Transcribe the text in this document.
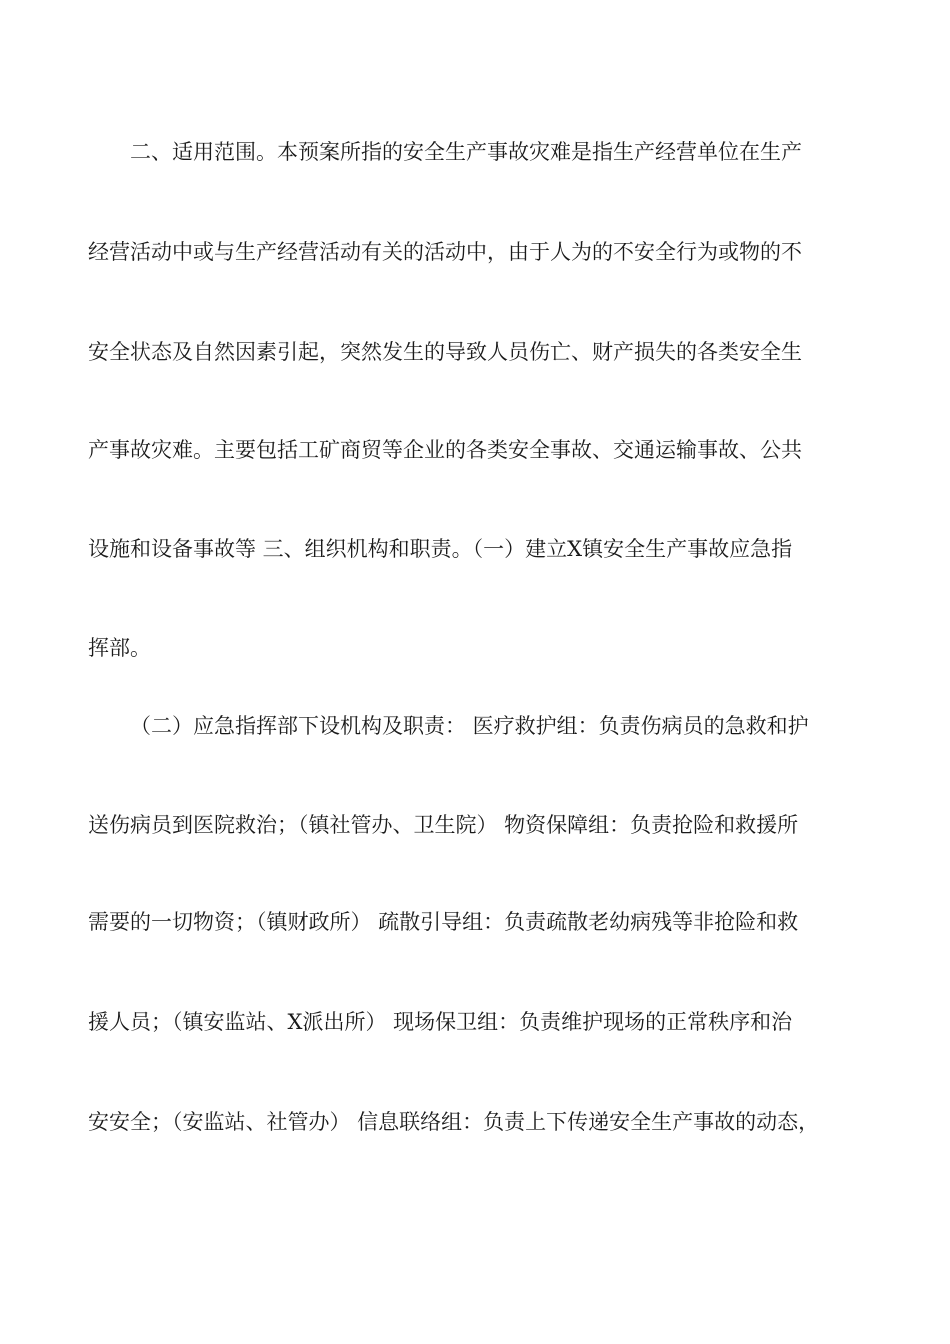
二、适用范围。本预案所指的安全生产事故灾难是指生产经营单位在生产
经营活动中或与生产经营活动有关的活动中，由于人为的不安全行为或物的不
安全状态及自然因素引起，突然发生的导致人员伤亡、财产损失的各类安全生
产事故灾难。主要包括工矿商贸等企业的各类安全事故、交通运输事故、公共
设施和设备事故等 三、组织机构和职责。（一）建立X镇安全生产事故应急指
挥部。
（二）应急指挥部下设机构及职责： 医疗救护组：负责伤病员的急救和护
送伤病员到医院救治；（镇社管办、卫生院） 物资保障组：负责抢险和救援所
需要的一切物资；（镇财政所） 疏散引导组：负责疏散老幼病残等非抢险和救
援人员；（镇安监站、X派出所） 现场保卫组：负责维护现场的正常秩序和治
安安全；（安监站、社管办） 信息联络组：负责上下传递安全生产事故的动态，
